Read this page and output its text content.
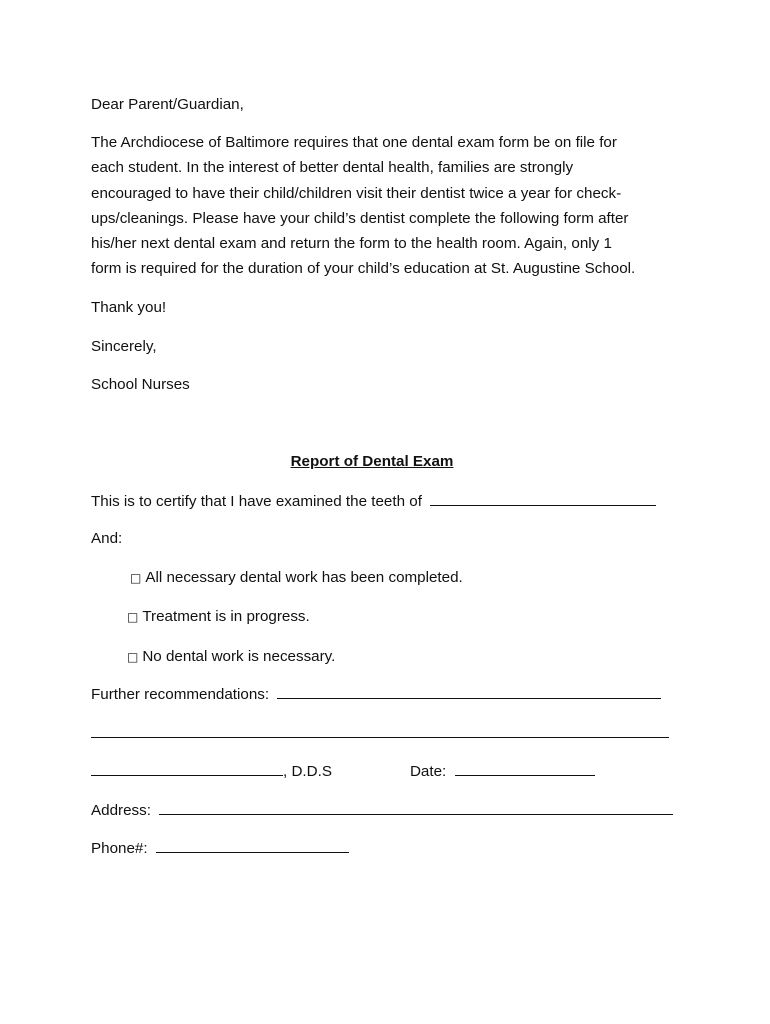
Dear Parent/Guardian,
The Archdiocese of Baltimore requires that one dental exam form be on file for
each student. In the interest of better dental health, families are strongly
encouraged to have their child/children visit their dentist twice a year for check-
ups/cleanings. Please have your child’s dentist complete the following form after
his/her next dental exam and return the form to the health room. Again, only 1
form is required for the duration of your child’s education at St. Augustine School.
Thank you!
Sincerely,
School Nurses
Report of Dental Exam
This is to certify that I have examined the teeth of
And:
□ All necessary dental work has been completed.
□ Treatment is in progress.
□ No dental work is necessary.
Further recommendations:
, D.D.S	Date:
Address:
Phone#:
